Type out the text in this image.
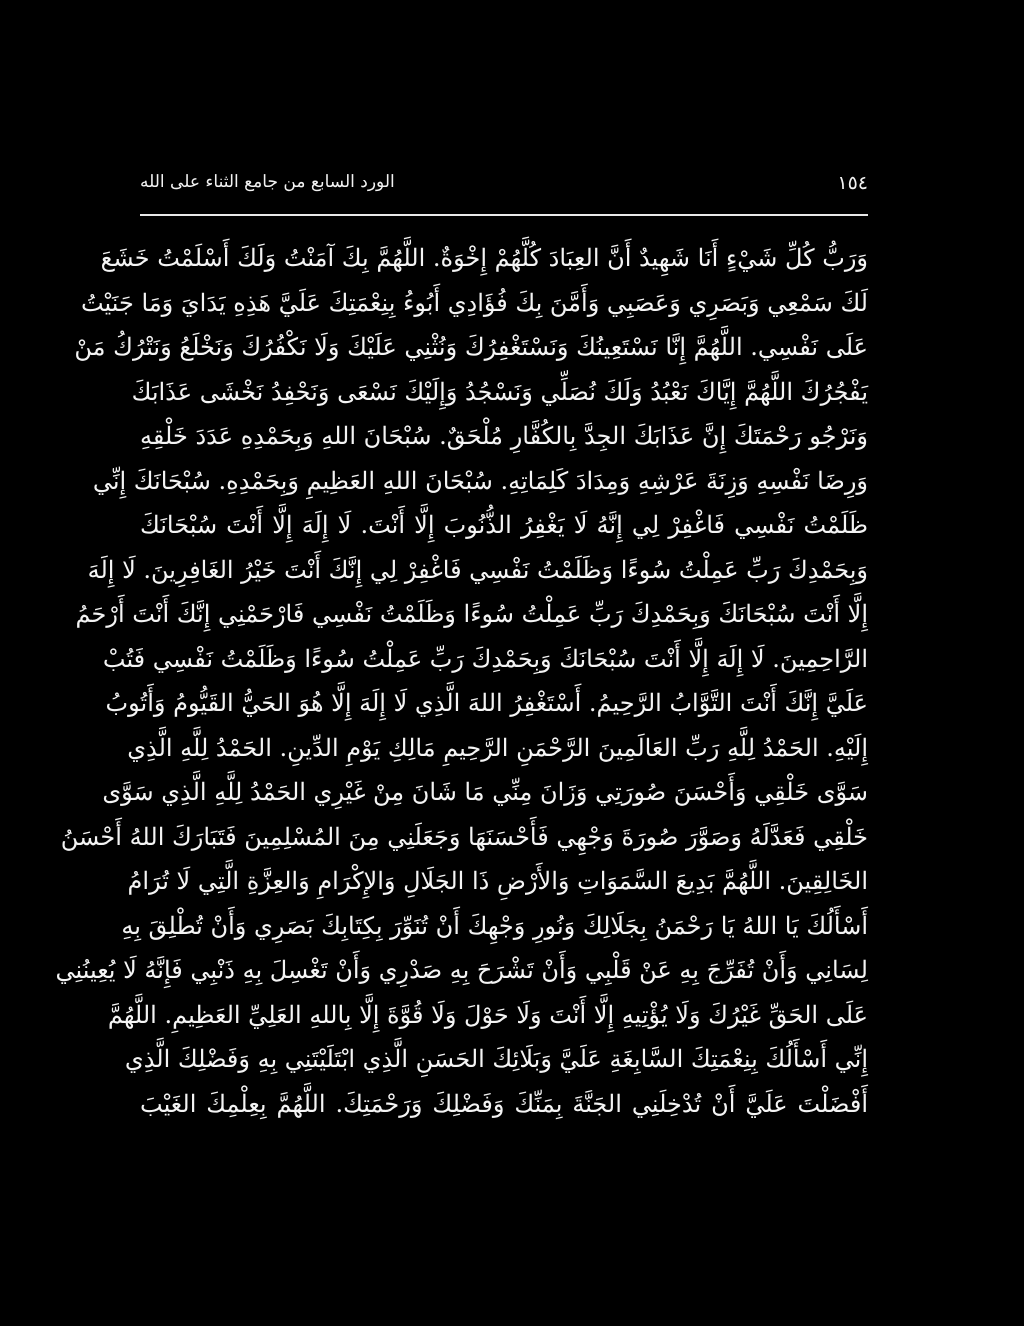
الورد السابع من جامع الثناء على الله	١٥٤
وَرَبُّ كُلِّ شَيْءٍ أَنَا شَهِيدٌ أَنَّ العِبَادَ كُلَّهُمْ إِخْوَةٌ. اللَّهُمَّ بِكَ آمَنْتُ وَلَكَ أَسْلَمْتُ خَشَعَ
لَكَ سَمْعِي وَبَصَرِي وَعَصَبِي وَأَمَّنَ بِكَ فُؤَادِي أَبُوءُ بِنِعْمَتِكَ عَلَيَّ هَذِهِ يَدَايَ وَمَا جَنَيْتُ
عَلَى نَفْسِي. اللَّهُمَّ إِنَّا نَسْتَعِينُكَ وَنَسْتَغْفِرُكَ وَنُثْنِي عَلَيْكَ وَلَا نَكْفُرُكَ وَنَخْلَعُ وَنَتْرُكُ مَنْ
يَفْجُرُكَ اللَّهُمَّ إِيَّاكَ نَعْبُدُ وَلَكَ نُصَلِّي وَنَسْجُدُ وَإِلَيْكَ نَسْعَى وَنَحْفِدُ نَخْشَى عَذَابَكَ
وَنَرْجُو رَحْمَتَكَ إِنَّ عَذَابَكَ الجِدَّ بِالكُفَّارِ مُلْحَقٌ. سُبْحَانَ اللهِ وَبِحَمْدِهِ عَدَدَ خَلْقِهِ
وَرِضَا نَفْسِهِ وَزِنَةَ عَرْشِهِ وَمِدَادَ كَلِمَاتِهِ. سُبْحَانَ اللهِ العَظِيمِ وَبِحَمْدِهِ. سُبْحَانَكَ إِنِّي
ظَلَمْتُ نَفْسِي فَاغْفِرْ لِي إِنَّهُ لَا يَغْفِرُ الذُّنُوبَ إِلَّا أَنْتَ. لَا إِلَهَ إِلَّا أَنْتَ سُبْحَانَكَ
وَبِحَمْدِكَ رَبِّ عَمِلْتُ سُوءًا وَظَلَمْتُ نَفْسِي فَاغْفِرْ لِي إِنَّكَ أَنْتَ خَيْرُ الغَافِرِينَ. لَا إِلَهَ
إِلَّا أَنْتَ سُبْحَانَكَ وَبِحَمْدِكَ رَبِّ عَمِلْتُ سُوءًا وَظَلَمْتُ نَفْسِي فَارْحَمْنِي إِنَّكَ أَنْتَ أَرْحَمُ
الرَّاحِمِينَ. لَا إِلَهَ إِلَّا أَنْتَ سُبْحَانَكَ وَبِحَمْدِكَ رَبِّ عَمِلْتُ سُوءًا وَظَلَمْتُ نَفْسِي فَتُبْ
عَلَيَّ إِنَّكَ أَنْتَ التَّوَّابُ الرَّحِيمُ. أَسْتَغْفِرُ اللهَ الَّذِي لَا إِلَهَ إِلَّا هُوَ الحَيُّ القَيُّومُ وَأَتُوبُ
إِلَيْهِ. الحَمْدُ لِلَّهِ رَبِّ العَالَمِينَ الرَّحْمَنِ الرَّحِيمِ مَالِكِ يَوْمِ الدِّينِ. الحَمْدُ لِلَّهِ الَّذِي
سَوَّى خَلْقِي وَأَحْسَنَ صُورَتِي وَزَانَ مِنِّي مَا شَانَ مِنْ غَيْرِي الحَمْدُ لِلَّهِ الَّذِي سَوَّى
خَلْقِي فَعَدَّلَهُ وَصَوَّرَ صُورَةَ وَجْهِي فَأَحْسَنَهَا وَجَعَلَنِي مِنَ المُسْلِمِينَ فَتَبَارَكَ اللهُ أَحْسَنُ
الخَالِقِينَ. اللَّهُمَّ بَدِيعَ السَّمَوَاتِ وَالأَرْضِ ذَا الجَلَالِ وَالإِكْرَامِ وَالعِزَّةِ الَّتِي لَا تُرَامُ
أَسْأَلُكَ يَا اللهُ يَا رَحْمَنُ بِجَلَالِكَ وَنُورِ وَجْهِكَ أَنْ تُنَوِّرَ بِكِتَابِكَ بَصَرِي وَأَنْ تُطْلِقَ بِهِ
لِسَانِي وَأَنْ تُفَرِّجَ بِهِ عَنْ قَلْبِي وَأَنْ تَشْرَحَ بِهِ صَدْرِي وَأَنْ تَغْسِلَ بِهِ ذَنْبِي فَإِنَّهُ لَا يُعِينُنِي
عَلَى الحَقِّ غَيْرُكَ وَلَا يُؤْتِيهِ إِلَّا أَنْتَ وَلَا حَوْلَ وَلَا قُوَّةَ إِلَّا بِاللهِ العَلِيِّ العَظِيمِ. اللَّهُمَّ
إِنِّي أَسْأَلُكَ بِنِعْمَتِكَ السَّابِغَةِ عَلَيَّ وَبَلَائِكَ الحَسَنِ الَّذِي ابْتَلَيْتَنِي بِهِ وَفَضْلِكَ الَّذِي
أَفْضَلْتَ عَلَيَّ أَنْ تُدْخِلَنِي الجَنَّةَ بِمَنِّكَ وَفَضْلِكَ وَرَحْمَتِكَ. اللَّهُمَّ بِعِلْمِكَ الغَيْبَ
